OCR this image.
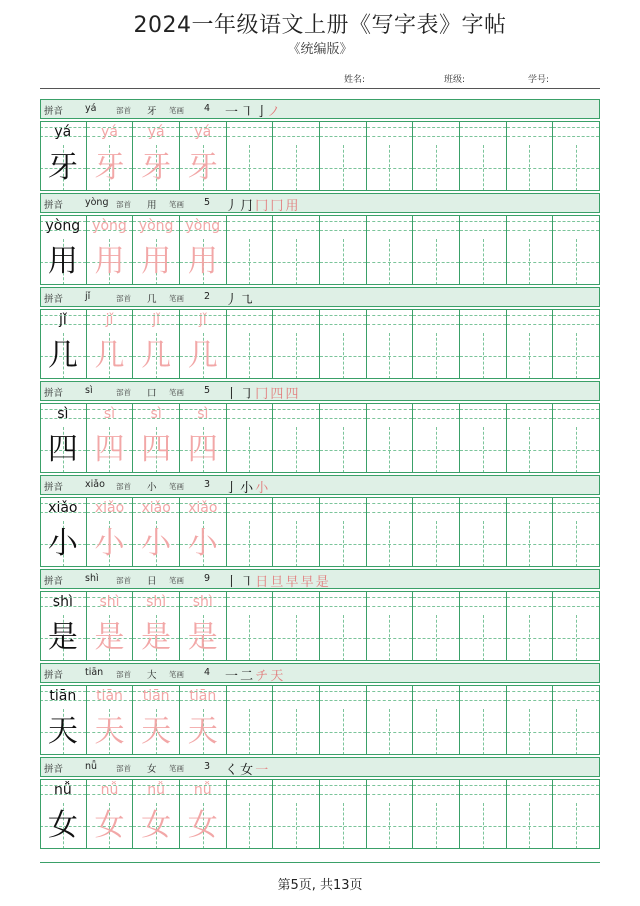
2024一年级语文上册《写字表》字帖
《统编版》
姓名:	班级:	学号:
拼音 yá	部首 牙 笔画 4 一 ㇕ 亅ノ
yá	yá	yá	yá
牙 牙 牙 牙
拼音 yòng 部首 用 笔画 5 丿 ⺆ 冂 冂 用
yòng yòng yòng yòng
用 用 用 用
拼音 jǐ	部首 几 笔画 2 丿 ㇈
jǐ	jǐ	jǐ	jǐ
几 几 几 几
拼音 sì	部首 口 笔画 5 丨 ㇆ 冂 四 四
sì	sì	sì	sì
四 四 四 四
拼音 xiǎo 部首 小 笔画 3 亅 小 小
xiǎo	xiǎo	xiǎo	xiǎo
小 小 小 小
拼音 shì 部首 日 笔画 9 丨 ㇕ 日 旦 早 早 是
shì	shì	shì	shì
是 是 是 是
拼音 tiān 部首 大 笔画 4 一 二 チ 天
tiān	tiān	tiān	tiān
天 天 天 天
拼音 nǚ	部首 女 笔画 3 く 女 一
nǚ	nǚ	nǚ	nǚ
女 女 女 女
第5页, 共13页
